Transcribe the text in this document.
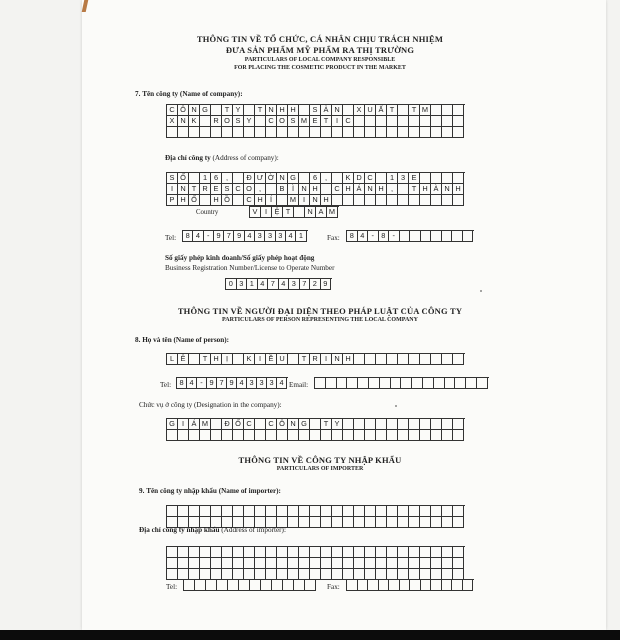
THÔNG TIN VỀ TỔ CHỨC, CÁ NHÂN CHỊU TRÁCH NHIỆM
ĐƯA SẢN PHẨM MỸ PHẨM RA THỊ TRƯỜNG
PARTICULARS OF LOCAL COMPANY RESPONSIBLE
FOR PLACING THE COSMETIC PRODUCT IN THE MARKET
7. Tên công ty (Name of company):
C Ô N G	T Y	T N H H	S Ả N	X U Ấ T	T M
X N K	R O S Y	C O S M E T	I C
Địa chỉ công ty (Address of company):
S Ố	1 6	,	Đ Ư Ờ N G	6	,	K D C	1 3 E
I N T R E S C O ,	B	Ì N H	C H Á N H ,	T H À N H
P H Ố	H Ồ	C H Í	M I N H
Country	V	I	Ệ T	N A M
Tel:	8 4 - 9 7 9 4 3 3 3 4 1	Fax:	8 4 - 8 -
Số giấy phép kinh doanh/Số giấy phép hoạt động
Business Registration Number/License to Operate Number
0 3 1 4 7 4 3 7 2 9
THÔNG TIN VỀ NGƯỜI ĐẠI DIỆN THEO PHÁP LUẬT CỦA CÔNG TY
PARTICULARS OF PERSON REPRESENTING THE LOCAL COMPANY
8. Họ và tên (Name of person):
L Ê	T H Ị	K	I	Ề U	T R I N H
Tel:	8 4 - 9 7 9 4 3 3 3 4 Email:
Chức vụ ở công ty (Designation in the company):
G I	Á M	Đ Ố C	C Ô N G	T Y
THÔNG TIN VỀ CÔNG TY NHẬP KHẨU
PARTICULARS OF IMPORTER
9. Tên công ty nhập khẩu (Name of importer):
Địa chỉ công ty nhập khẩu (Address of importer):
Tel:	Fax:
